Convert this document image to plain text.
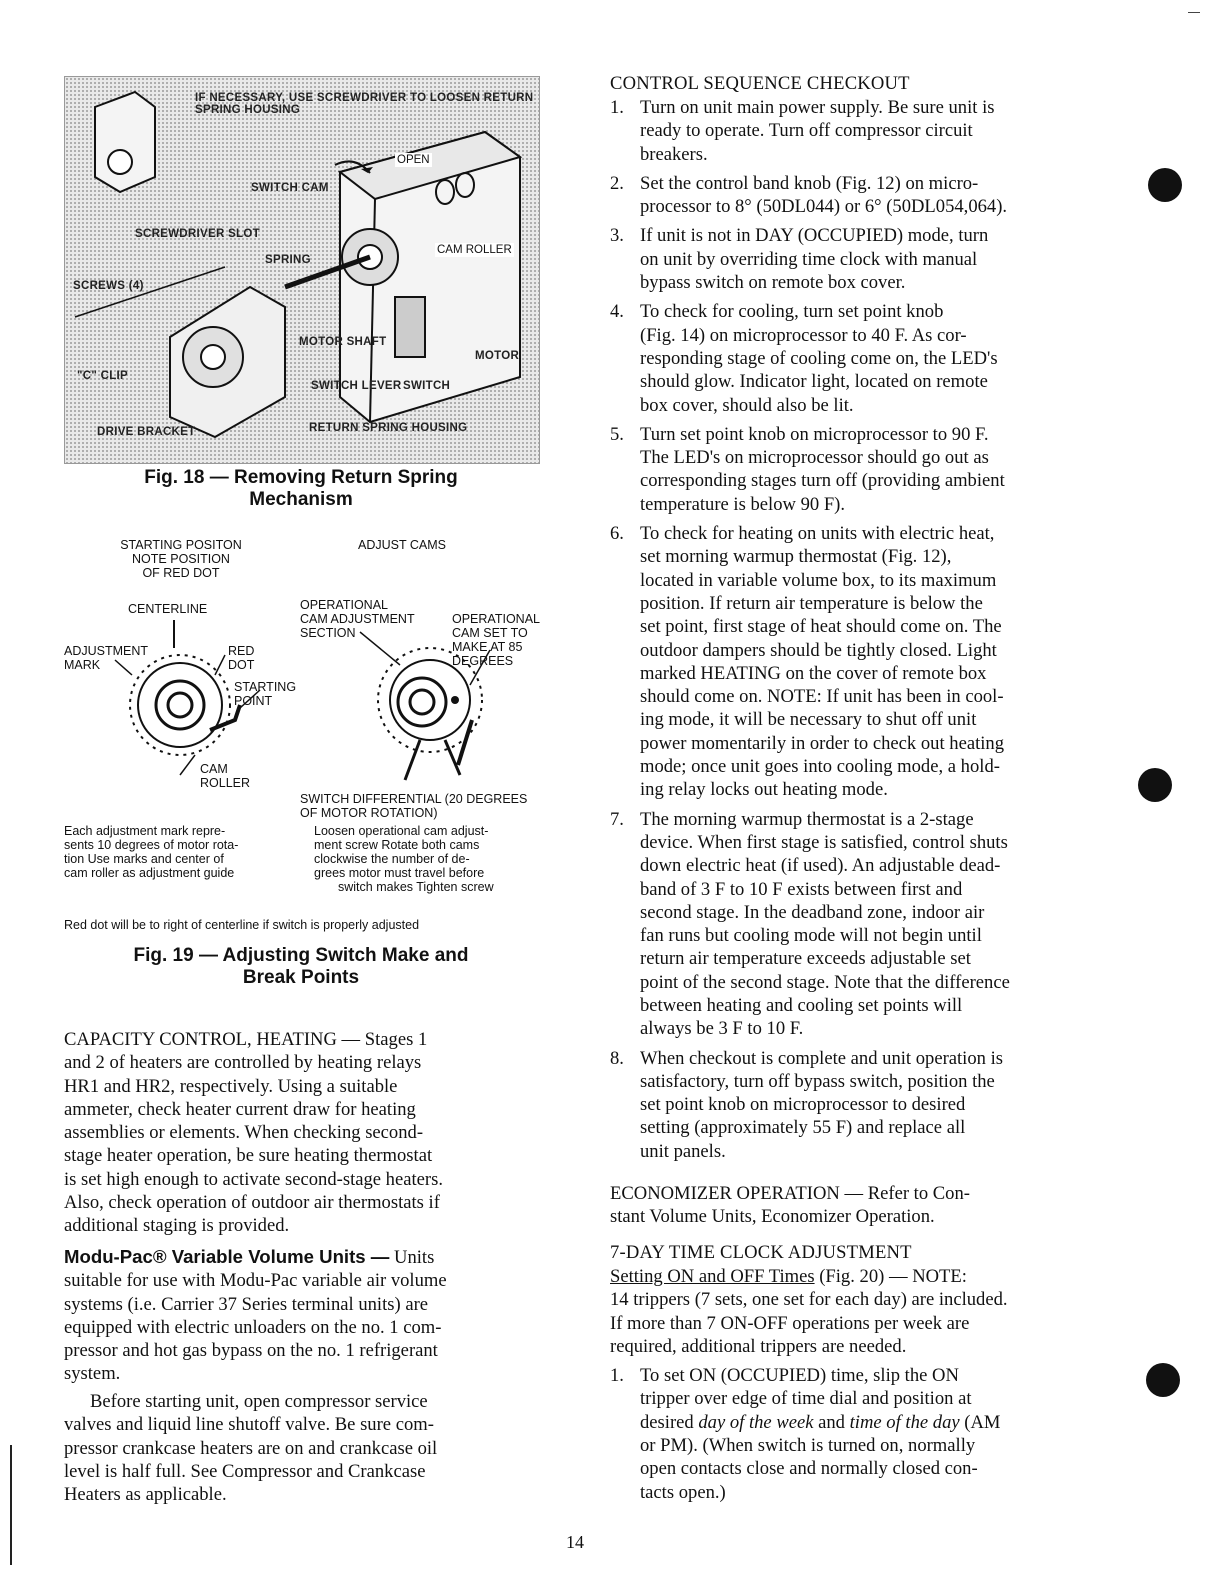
IF NECESSARY, USE SCREWDRIVER TO LOOSEN RETURN SPRING HOUSING
OPEN
SWITCH CAM
SCREWDRIVER SLOT
CAM ROLLER
SPRING
SCREWS (4)
MOTOR SHAFT
MOTOR
"C" CLIP
SWITCH LEVER SWITCH
DRIVE BRACKET	RETURN SPRING HOUSING
Fig. 18 — Removing Return Spring
Mechanism
STARTING POSITON
NOTE POSITION
OF RED DOT
ADJUST CAMS
CENTERLINE
ADJUSTMENT
MARK
RED
DOT
STARTING
POINT
CAM
ROLLER
OPERATIONAL
CAM ADJUSTMENT
SECTION
OPERATIONAL
CAM SET TO
MAKE AT 85
DEGREES
SWITCH DIFFERENTIAL (20 DEGREES
OF MOTOR ROTATION)
Each adjustment mark repre-
sents 10 degrees of motor rota-
tion Use marks and center of
cam roller as adjustment guide
Loosen operational cam adjust-
ment screw Rotate both cams
clockwise the number of de-
grees motor must travel before
switch makes Tighten screw
Red dot will be to right of centerline if switch is properly adjusted
Fig. 19 — Adjusting Switch Make and
Break Points
CAPACITY CONTROL, HEATING — Stages 1
and 2 of heaters are controlled by heating relays
HR1 and HR2, respectively. Using a suitable
ammeter, check heater current draw for heating
assemblies or elements. When checking second-
stage heater operation, be sure heating thermostat
is set high enough to activate second-stage heaters.
Also, check operation of outdoor air thermostats if
additional staging is provided.
Modu-Pac® Variable Volume Units — Units
suitable for use with Modu-Pac variable air volume
systems (i.e. Carrier 37 Series terminal units) are
equipped with electric unloaders on the no. 1 com-
pressor and hot gas bypass on the no. 1 refrigerant
system.
Before starting unit, open compressor service
valves and liquid line shutoff valve. Be sure com-
pressor crankcase heaters are on and crankcase oil
level is half full. See Compressor and Crankcase
Heaters as applicable.
CONTROL SEQUENCE CHECKOUT
1. Turn on unit main power supply. Be sure unit is
ready to operate. Turn off compressor circuit
breakers.
2. Set the control band knob (Fig. 12) on micro-
processor to 8° (50DL044) or 6° (50DL054,064).
3. If unit is not in DAY (OCCUPIED) mode, turn
on unit by overriding time clock with manual
bypass switch on remote box cover.
4. To check for cooling, turn set point knob
(Fig. 14) on microprocessor to 40 F. As cor-
responding stage of cooling come on, the LED's
should glow. Indicator light, located on remote
box cover, should also be lit.
5. Turn set point knob on microprocessor to 90 F.
The LED's on microprocessor should go out as
corresponding stages turn off (providing ambient
temperature is below 90 F).
6. To check for heating on units with electric heat,
set morning warmup thermostat (Fig. 12),
located in variable volume box, to its maximum
position. If return air temperature is below the
set point, first stage of heat should come on. The
outdoor dampers should be tightly closed. Light
marked HEATING on the cover of remote box
should come on. NOTE: If unit has been in cool-
ing mode, it will be necessary to shut off unit
power momentarily in order to check out heating
mode; once unit goes into cooling mode, a hold-
ing relay locks out heating mode.
7. The morning warmup thermostat is a 2-stage
device. When first stage is satisfied, control shuts
down electric heat (if used). An adjustable dead-
band of 3 F to 10 F exists between first and
second stage. In the deadband zone, indoor air
fan runs but cooling mode will not begin until
return air temperature exceeds adjustable set
point of the second stage. Note that the difference
between heating and cooling set points will
always be 3 F to 10 F.
8. When checkout is complete and unit operation is
satisfactory, turn off bypass switch, position the
set point knob on microprocessor to desired
setting (approximately 55 F) and replace all
unit panels.
ECONOMIZER OPERATION — Refer to Con-
stant Volume Units, Economizer Operation.
7-DAY TIME CLOCK ADJUSTMENT
Setting ON and OFF Times (Fig. 20) — NOTE:
14 trippers (7 sets, one set for each day) are included.
If more than 7 ON-OFF operations per week are
required, additional trippers are needed.
1. To set ON (OCCUPIED) time, slip the ON
tripper over edge of time dial and position at
desired day of the week and time of the day (AM
or PM). (When switch is turned on, normally
open contacts close and normally closed con-
tacts open.)
14
